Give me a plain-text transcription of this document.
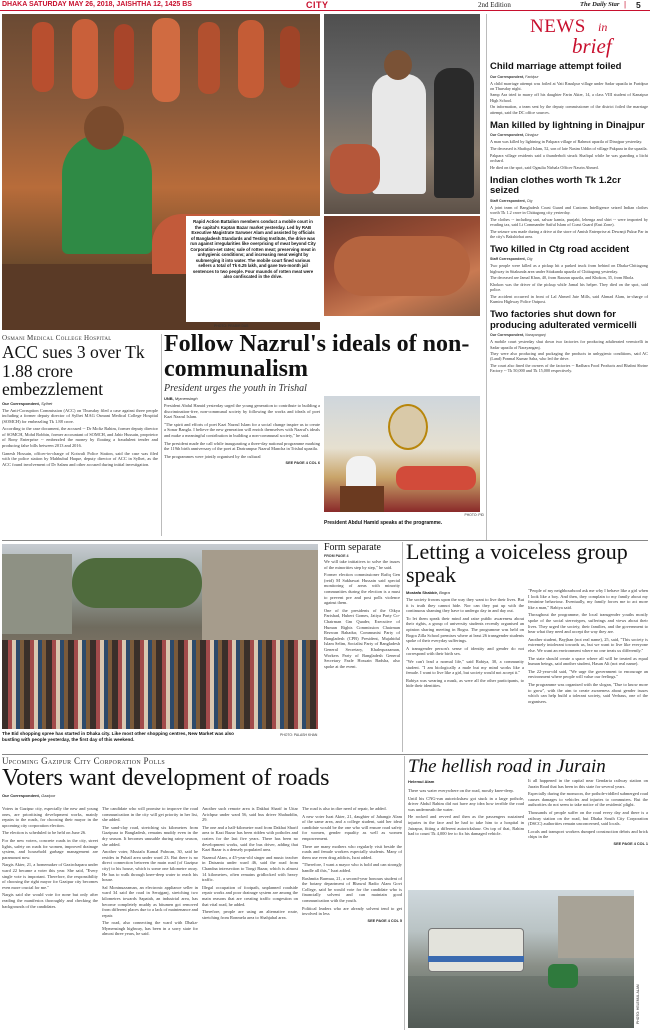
DHAKA SATURDAY MAY 26, 2018, JAISHTHA 12, 1425 BS	CITY	2nd Edition	The Daily Star | 5
Rapid Action Battalion members conduct a mobile court in the capital's Kaptan Bazar market yesterday. Led by RAB Executive Magistrate Sarwoer Alam and assisted by officials of Bangladesh Standards and Testing Institute, the drive was run against irregularities like overpricing of meat beyond City Corporation-set rates; sale of rotten meat; preserving meat in unhygienic conditions; and increasing meat weight by submerging it into water. The mobile court fined various sellers a total of Tk 6.25 lakh, and gave two-month jail sentences to two people. Four maunds of rotten meat were also confiscated in the drive.
PHOTO: PRABIR DAS
NEWS in
brief
Child marriage attempt foiled
Our Correspondent, Faridpur

A child marriage attempt was foiled at Vati Rasulpur village under Sadar upazila in Faridpur on Thursday night.

Samp Ara tried to marry off his daughter Farin Akter, 14, a class VIII student of Kanaipur High School.

On information, a team sent by the deputy commissioner of the district foiled the marriage attempt, said the DC office sources.

Man killed by lightning in Dinajpur
Our Correspondent, Dinajpur

A man was killed by lightning in Pakpara village of Rahmot upazila of Dinajpur yesterday.

The deceased is Shafiqul Islam, 52, son of late Nasim Uddin of village Pakpara in the upazila.

Pakpara village residents said a thunderbolt struck Shafiqul while he was guarding a litchi orchard.

He died on the spot, said Ogaulia Nirhala Officer Nasrin Ahmed.

Indian clothes worth Tk 1.2cr seized
Staff Correspondent, Ctg

A joint team of Bangladesh Coast Guard and Customs Intelligence seized Indian clothes worth Tk 1.2 crore in Chittagong city yesterday.

The clothes -- including sari, salwar kamiz, punjabi, lehenga and shirt -- were imported by evading tax, said Lt Commander Saiful Islam of Coast Guard (East Zone).

The seizure was made during a drive at the store of Amish Enterprise at Dewanji Pukur Par in the city's Bakshirhat area.

Two killed in Ctg road accident
Staff Correspondent, Ctg

Two people were killed as a pickup hit a parked truck from behind on Dhaka-Chittagong highway in Sitakunda area under Sitakunda upazila of Chittagong yesterday.

The deceased are Jamal Khan, 40, from Raozan upazila, and Khokon, 35, from Bhola.

Khokon was the driver of the pickup while Jamal his helper. They died on the spot, said police.

The accident occurred in front of Lal Ahmed Jute Mills, said Ahmad Alam, in-charge of Kumira Highway Police Outpost.

Two factories shut down for producing adulterated vermicelli
Our Correspondent, Narayanganj

A mobile court yesterday shut down two factories for producing adulterated vermicelli in Sadar upazila of Narayanganj.

They were also producing and packaging the products in unhygienic conditions, said AC (Land) Ponmal Kumar Saha, who led the drive.

The court also fined the owners of the factories -- Radhara Food Products and Bhabni Shrine Factory -- Tk 50,000 and Tk 15,000 respectively.

Osmani Medical College Hospital
ACC sues 3 over Tk 1.88 crore embezzlement
Our Correspondent, Sylhet

The Anti-Corruption Commission (ACC) on Thursday filed a case against three people including a former deputy director of Sylhet MAG Osmani Medical College Hospital (SOMCH) for embezzling Tk 1.88 crore.

According to the case document, the accused -- Dr Mofiz Rahim, former deputy director of SOMCH, Mohd Robbin, former accountant of SOMCH, and Jahir Hussain, proprietor of Rony Enterprise -- embezzled the money by floating a fraudulent tender and producing false bills between 2013 and 2016.

Ganesh Hossain, officer-in-charge of Kotwali Police Station, said the case was filed with the police station by Mahbubul Haque, deputy director of ACC in Sylhet, as the ACC found involvement of Dr Salam and other accused during initial investigation.

Follow Nazrul's ideals of non-communalism
President urges the youth in Trishal
UNB, Mymensingh

President Abdul Hamid yesterday urged the young generation to contribute to building a discrimination-free, non-communal society by following the works and ideals of poet Kazi Nazrul Islam.

"The spirit and efforts of poet Kazi Nazrul Islam for a social change inspire us to create a Sonar Bangla. I believe the new generation will enrich themselves with Nazrul's ideals and make a meaningful contribution in building a non-communal society," he said.

The president made the call while inaugurating a three-day national programme marking the 119th birth anniversary of the poet at Darirampur Nazrul Mancha in Trishal upazila.

The programmes were jointly organised by the cultural

SEE PAGE 4 COL 6
PHOTO: PID
President Abdul Hamid speaks at the programme.
The Eid shopping spree has started in Dhaka city. Like most other shopping centres, New Market was also bustling with people yesterday, the first day of this weekend.
PHOTO: PALASH KHAN
Form separate
FROM PAGE 4

We will take initiatives to solve the issues of the minorities step by step," he said.

Former election commissioner Rafiq Gen (retd) M Sakhawat Hussain said special monitoring of areas with minority communities during the election is a must to prevent pre and post polls violence against them.

One of the presidents of the Oikya Parishad, Hubert Gomes, Jatiya Party Co-Chairman Gm Quader, Executive of Human Rights Commission Chairman Rezwan Bahadur, Communist Party of Bangladesh (CPB) President, Mujahidul Islam Selim, Socialist Party of Bangladesh General Secretary, Khalequzzaman, Workers Party of Bangladesh General Secretary Fazle Hossain Badsha, also spoke at the event.

Letting a voiceless group speak
Mostafa Shabbir, Bogra

The society frowns upon the way they want to live their lives. But it is truth they cannot hide. Nor can they put up with the continuous shaming they have to undergo day in and day out.

To let them speak their mind and raise public awareness about their rights, a group of university students recently organised an opinion sharing meeting in Bogra. The programme was held on Bogra Zilla School premises where at least 26 transgender students spoke of their everyday sufferings.

A transgender person's sense of identity and gender do not correspond with their birth sex.

"We can't lead a normal life," said Rabiya, 30, a community student. "I am biologically a male but my mind works like a female. I want to live like a girl, but society would not accept it."

Rabiya was wearing a mask, as were all the other participants, to hide their identities.

"People of my neighbourhood ask me why I behave like a girl when I look like a boy. And then, they complain to my family about my feminine behaviour. Eventually, my family forces me to act more like a man," Rabiya said.

Throughout the programme, the local transgender youths mostly spoke of the social stereotypes, sufferings and views about their lives. They urged the society, their families, and the government to hear what they need and accept the way they are.

Another student, Bayjhan (not real name), 25, said, "This society is extremely intolerant towards us, but we want to live like everyone else. We want an environment where no one treats us differently."

The state should create a space where all will be treated as equal human beings, said another student, Hasan Ali (not real name).

The 22-year-old said, "We urge the government to encourage an environment where people will value our feelings."

The programme was organised with the slogan, "Due to know more to grow", with the aim to create awareness about gender issues which can help build a tolerant society, said Verhaus, one of the organisers.

Upcoming Gazipur City Corporation Polls
Voters want development of roads
Our Correspondent, Gazipur

Voters in Gazipur city, especially the new and young ones, are prioritising development works, mainly repairs to the roads, for choosing their mayor in the upcoming city corporation election.

The election is scheduled to be held on June 26.

For the new voters, concrete roads in the city, street lights, safety on roads for women, improved drainage system, and household garbage management are paramount now.

Nargis Akter, 21, a homemaker of Gazirchapara under ward 22 became a voter this year. She said, "Every single vote is important. Therefore, the responsibility of choosing the right mayor for Gazipur city becomes even more crucial for me."

Nargis said she would vote for none but only after reading the manifestos thoroughly and checking the backgrounds of the candidates.

The candidate who will promise to improve the road communication in the city will get priority in her list, she added.

The sand-clay road, stretching six kilometres from Gazipura to Bangladesh, remains muddy even in the dry season. It becomes unusable during rainy season, she added.

Another voter, Mustafa Kamal Pahwan, 30, said he resides in Pubail area under ward 23. But there is no direct connection between the main road (of Gazipur city) to his house, which is some one kilometre away. He has to walk through knee-deep water to reach his house.

Sal Moninuzzaman, an electronic appliance seller in ward 34 said the road in Serajganj, stretching two kilometres towards Sapatah, an industrial area, has become completely muddy as bitumen got removed from different places due to a lack of maintenance and repair.

The road, also connecting the ward with Dhaka-Mymensingh highway, has been in a sorry state for almost three years, he said.

Another such remote area is Dakhai Sharif in Uttar Arichpur under ward 56, said bus driver Shahuddin, 29.

The one and a half-kilometre road from Dakhai Sharif area to Kazi Bazar has been ridden with potholes and craters for the last five years. There has been no development works, said the bus driver, adding that Kazi Bazar is a densely populated area.

Nazmul Alam, a 45-year-old singer and music teacher in Daisanta under ward 46, said the road from Chandna intersection to Tongi Bazar, which is almost 14 kilometres, often remains gridlocked with heavy traffic.

Illegal occupation of footpath, unplanned roadside repair works and poor drainage system are among the main reasons that are creating traffic congestion on that vital road, he added.

Therefore, people are using an alternative route, stretching from Ronmela area to Shahjahal area.

The road is also in dire need of repair, he added.

A new voter Israt Akter, 21, daughter of Jahangir Alam of the same area, and a college student, said her ideal candidate would be the one who will ensure road safety for women, gender equality as well as women empowerment.

There are many mothers who regularly visit beside the roads and female workers especially students. Many of them use even drug addicts, Israt added.

"Therefore, I want a mayor who is bold and can strongly handle all this," Israt added.

Rashmita Barmua, 21, a second-year honours student of the botany department of Bhawal Radio Alam Govt College, said he would vote for the candidate who is financially solvent and can maintain good communication with the youth.

Political leaders who are already solvent tend to get involved in less

SEE PAGE 4 COL 5
The hellish road in Jurain
Helemul Alam

There was water everywhere on the road, mostly knee-deep.

Until his CNG-run autorickshaw got stuck in a large pothole, driver Abdul Rahim did not have any idea how terrible the road was underneath the water.

He rocked and revved and then as the passengers sustained injuries in the face and he had to take him to a hospital in Jatrapur, fitting a different autorickshaw. On top of that, Rahim had to count Tk 4,000 fee to fix his damaged vehicle.

It all happened in the capital near Gendaria railway station on Jurain Road that has been in this state for several years.

Especially during the monsoon, the pothole-riddled submerged road causes damages to vehicles and injuries to commuters. But the authorities do not seem to take notice of the residents' plight.

Thousands of people suffer on the road every day and there is a railway station on the road, but Dhaka South City Corporation (DSCC) authorities remain unconcerned, said locals.

Locals and transport workers dumped construction debris and brick chips in the

SEE PAGE 4 COL 1
PHOTO: HELEMUL ALAM
